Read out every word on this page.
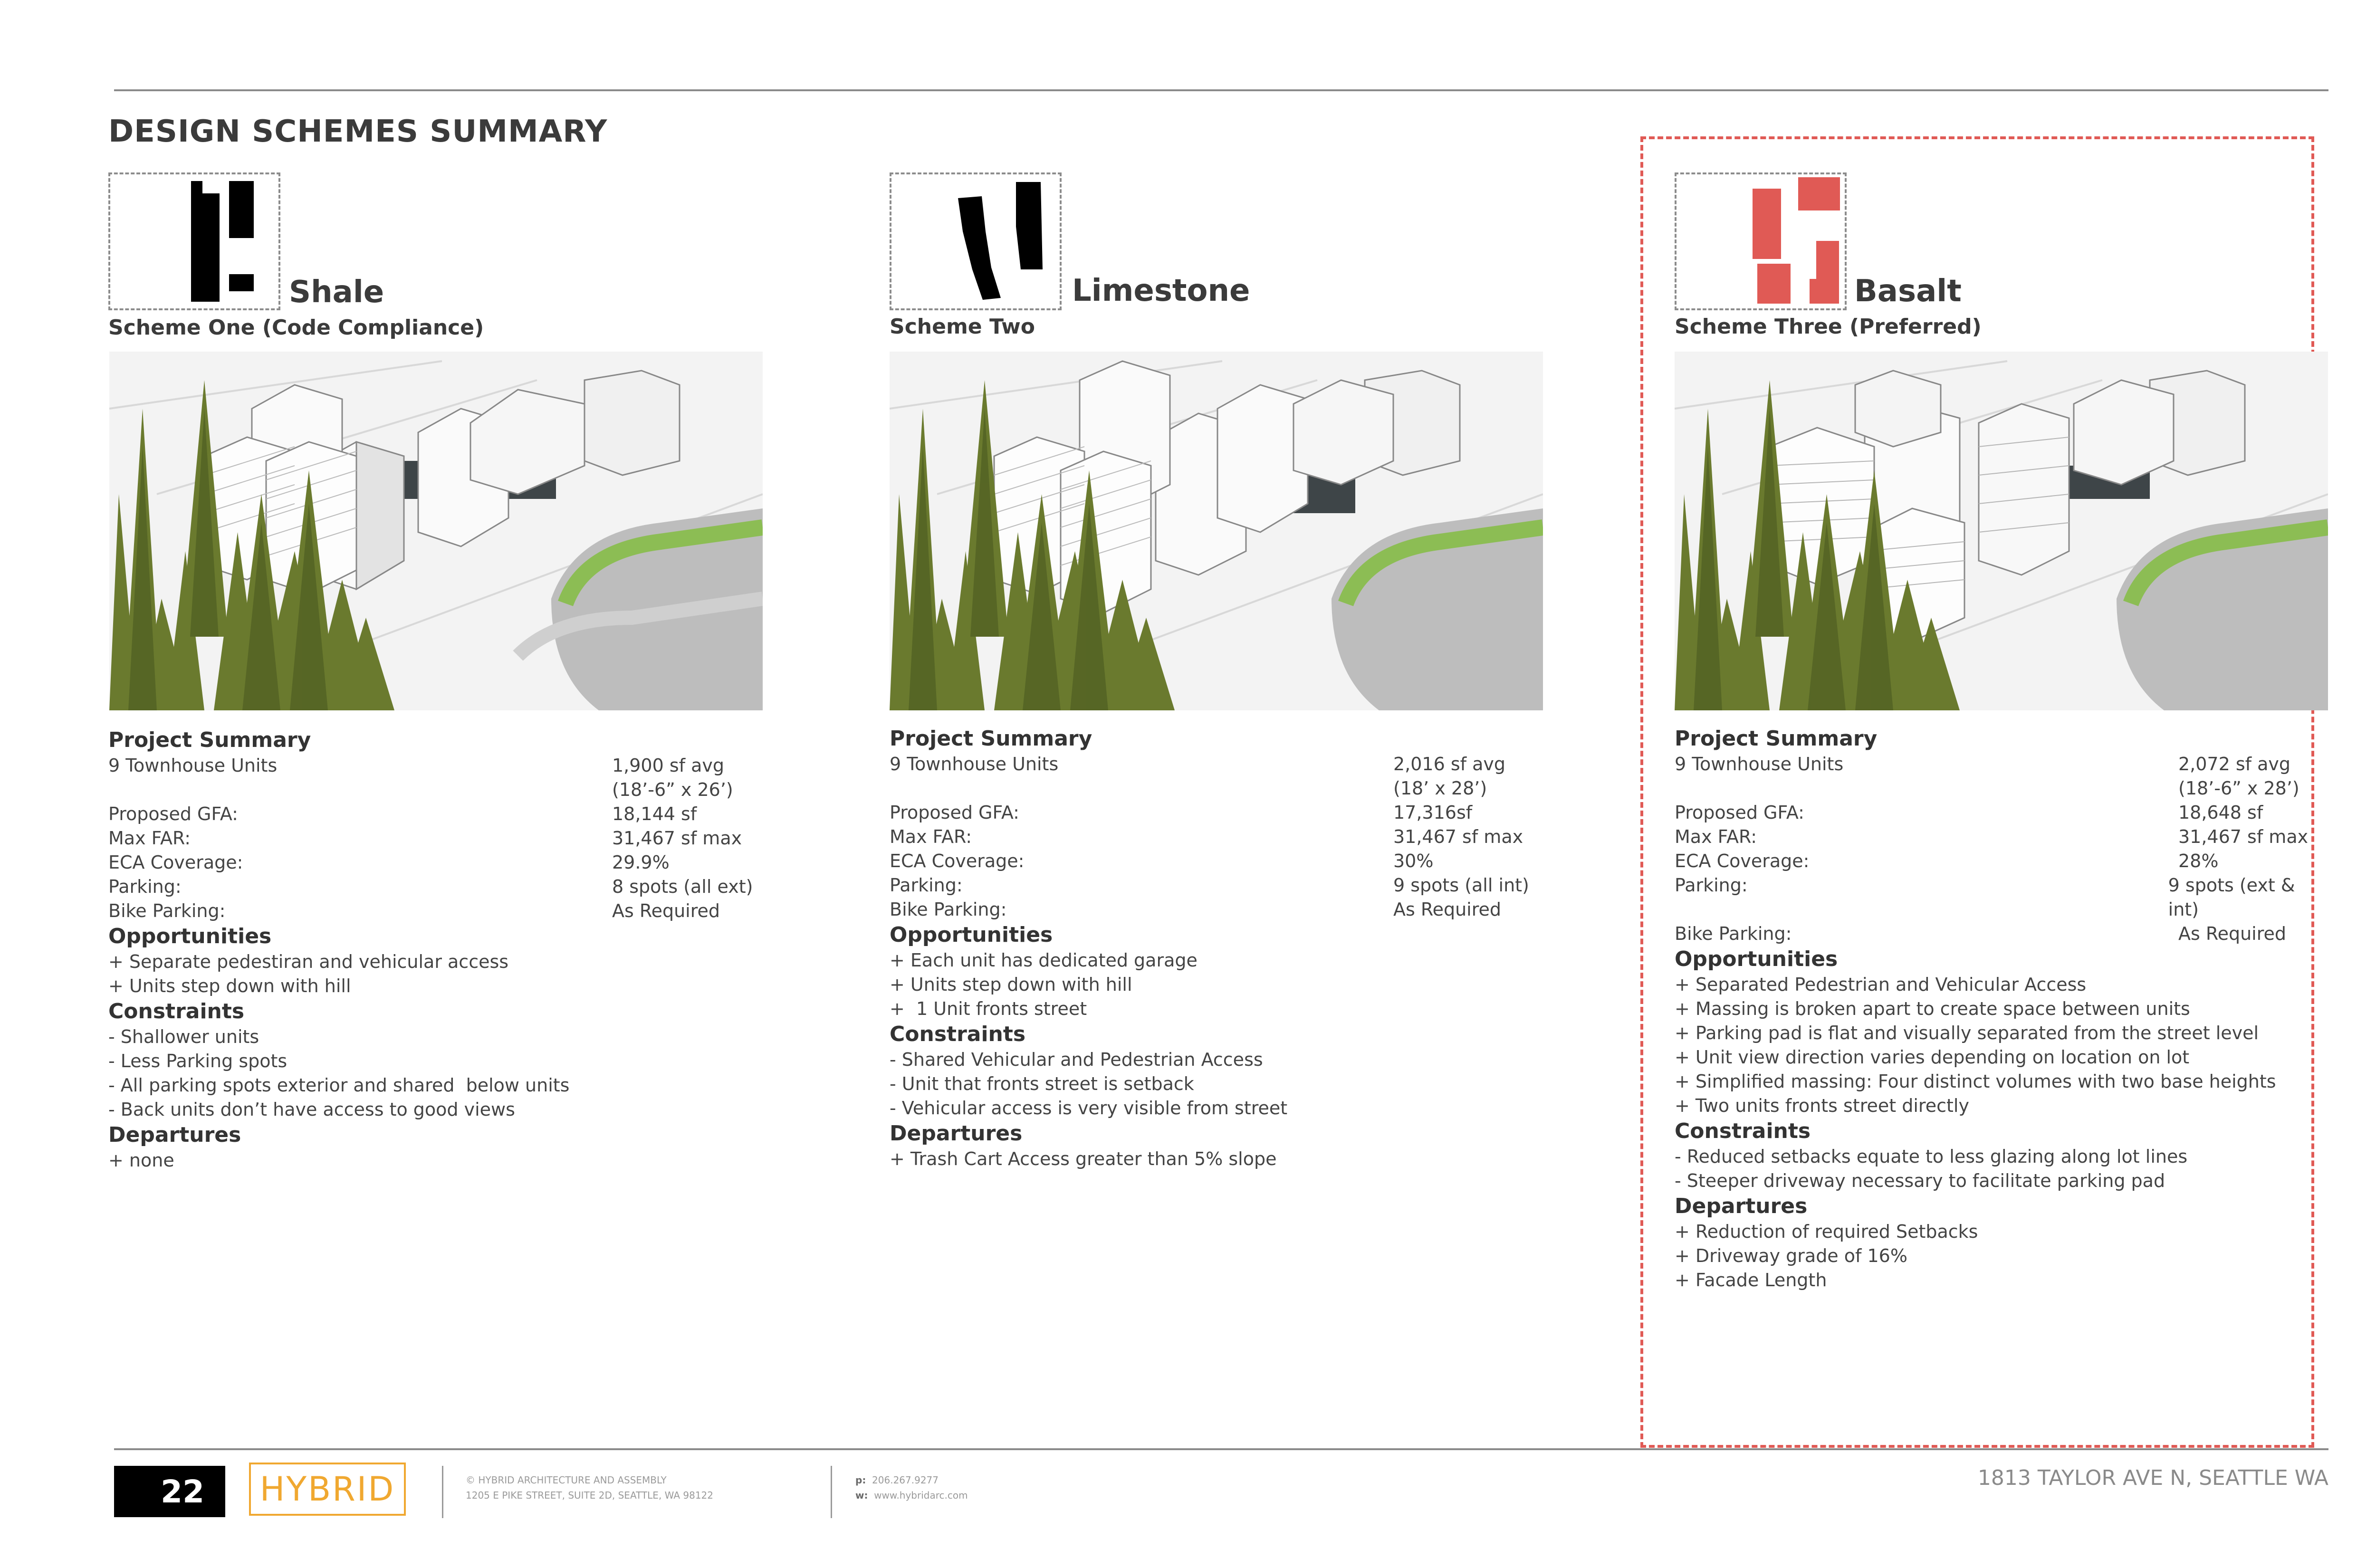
DESIGN SCHEMES SUMMARY
Shale
Scheme One (Code Compliance)
Project Summary
9 Townhouse Units	1,900 sf avg
(18’-6” x 26’)
Proposed GFA:	18,144 sf
Max FAR:	31,467 sf max
ECA Coverage:	29.9%
Parking:	8 spots (all ext)
Bike Parking:	As Required
Opportunities
+ Separate pedestiran and vehicular access
+ Units step down with hill
Constraints
- Shallower units
- Less Parking spots
- All parking spots exterior and shared  below units
- Back units don’t have access to good views
Departures
+ none
Limestone
Scheme Two
Project Summary
9 Townhouse Units	2,016 sf avg
(18’ x 28’)
Proposed GFA:	17,316sf
Max FAR:	31,467 sf max
ECA Coverage:	30%
Parking:	9 spots (all int)
Bike Parking:	As Required
Opportunities
+ Each unit has dedicated garage
+ Units step down with hill
+  1 Unit fronts street
Constraints
- Shared Vehicular and Pedestrian Access
- Unit that fronts street is setback
- Vehicular access is very visible from street
Departures
+ Trash Cart Access greater than 5% slope
Basalt
Scheme Three (Preferred)
Project Summary
9 Townhouse Units	2,072 sf avg
(18’-6” x 28’)
Proposed GFA:	18,648 sf
Max FAR:	31,467 sf max
ECA Coverage:	28%
Parking:	9 spots (ext & int)
Bike Parking:	As Required
Opportunities
+ Separated Pedestrian and Vehicular Access
+ Massing is broken apart to create space between units
+ Parking pad is flat and visually separated from the street level
+ Unit view direction varies depending on location on lot
+ Simplified massing: Four distinct volumes with two base heights
+ Two units fronts street directly
Constraints
- Reduced setbacks equate to less glazing along lot lines
- Steeper driveway necessary to facilitate parking pad
Departures
+ Reduction of required Setbacks
+ Driveway grade of 16%
+ Facade Length
22	HYBRID	© HYBRID ARCHITECTURE AND ASSEMBLY
1205 E PIKE STREET, SUITE 2D, SEATTLE, WA 98122
p: 206.267.9277
w: www.hybridarc.com
1813 TAYLOR AVE N, SEATTLE WA
